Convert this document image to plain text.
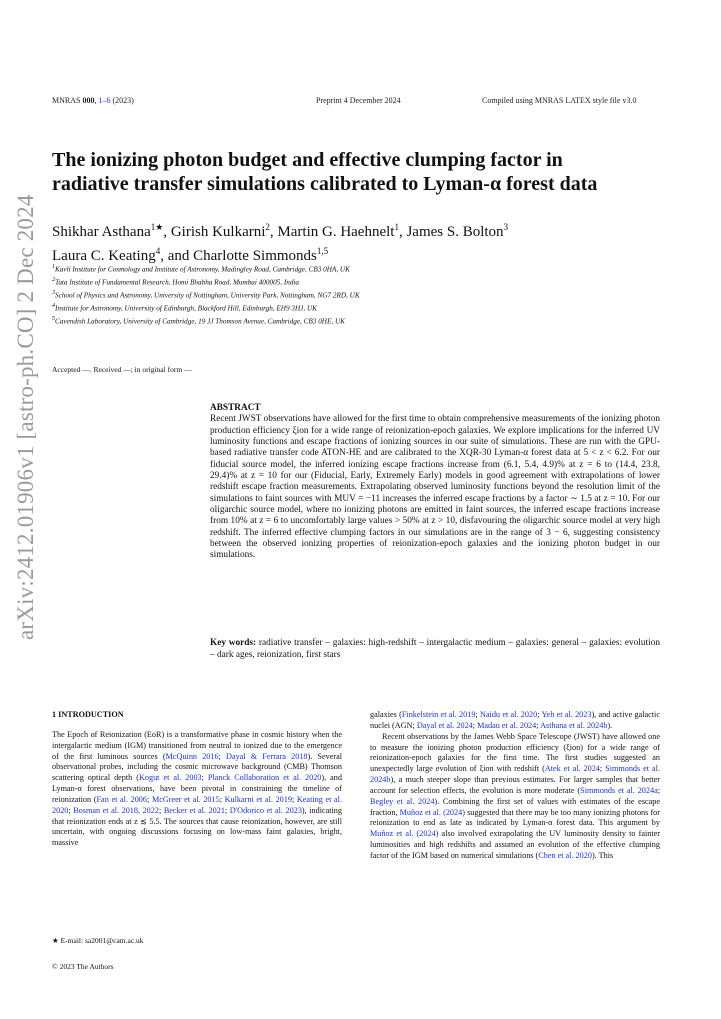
MNRAS 000, 1–6 (2023)	Preprint 4 December 2024	Compiled using MNRAS LATEX style file v3.0
arXiv:2412.01906v1 [astro-ph.CO] 2 Dec 2024
The ionizing photon budget and effective clumping factor in
radiative transfer simulations calibrated to Lyman-α forest data
Shikhar Asthana$^{1★}$, Girish Kulkarni$^2$, Martin G. Haehnelt$^1$, James S. Bolton$^3$
Laura C. Keating$^4$, and Charlotte Simmonds$^{1,5}$
$^1$Kavli Institute for Cosmology and Institute of Astronomy, Madingley Road, Cambridge, CB3 0HA, UK
$^2$Tata Institute of Fundamental Research, Homi Bhabha Road, Mumbai 400005, India
$^3$School of Physics and Astronomy, University of Nottingham, University Park, Nottingham, NG7 2RD, UK
$^4$Institute for Astronomy, University of Edinburgh, Blackford Hill, Edinburgh, EH9 3HJ, UK
$^5$Cavendish Laboratory, University of Cambridge, 19 JJ Thomson Avenue, Cambridge, CB3 0HE, UK
Accepted —. Received —; in original form —
ABSTRACT
Recent JWST observations have allowed for the first time to obtain comprehensive measurements of the ionizing photon production efficiency ξion for a wide range of reionization-epoch galaxies. We explore implications for the inferred UV luminosity functions and escape fractions of ionizing sources in our suite of simulations. These are run with the GPU-based radiative transfer code ATON-HE and are calibrated to the XQR-30 Lyman-α forest data at 5 < z < 6.2. For our fiducial source model, the inferred ionizing escape fractions increase from (6.1, 5.4, 4.9)% at z = 6 to (14.4, 23.8, 29.4)% at z = 10 for our (Fiducial, Early, Extremely Early) models in good agreement with extrapolations of lower redshift escape fraction measurements. Extrapolating observed luminosity functions beyond the resolution limit of the simulations to faint sources with MUV = −11 increases the inferred escape fractions by a factor ∼ 1.5 at z = 10. For our oligarchic source model, where no ionizing photons are emitted in faint sources, the inferred escape fractions increase from 10% at z = 6 to uncomfortably large values > 50% at z > 10, disfavouring the oligarchic source model at very high redshift. The inferred effective clumping factors in our simulations are in the range of 3 − 6, suggesting consistency between the observed ionizing properties of reionization-epoch galaxies and the ionizing photon budget in our simulations.
Key words: radiative transfer – galaxies: high-redshift – intergalactic medium – galaxies: general – galaxies: evolution – dark ages, reionization, first stars
1 INTRODUCTION

The Epoch of Reionization (EoR) is a transformative phase in cosmic history when the intergalactic medium (IGM) transitioned from neutral to ionized due to the emergence of the first luminous sources (McQuinn 2016; Dayal & Ferrara 2018). Several observational probes, including the cosmic microwave background (CMB) Thomson scattering optical depth (Kogut et al. 2003; Planck Collaboration et al. 2020), and Lyman-α forest observations, have been pivotal in constraining the timeline of reionization (Fan et al. 2006; McGreer et al. 2015; Kulkarni et al. 2019; Keating et al. 2020; Bosman et al. 2018, 2022; Becker et al. 2021; D'Odorico et al. 2023), indicating that reionization ends at z ≲ 5.5. The sources that cause reionization, however, are still uncertain, with ongoing discussions focusing on low-mass faint galaxies, bright, massive

galaxies (Finkelstein et al. 2019; Naidu et al. 2020; Yeh et al. 2023), and active galactic nuclei (AGN; Dayal et al. 2024; Madau et al. 2024; Asthana et al. 2024b).

Recent observations by the James Webb Space Telescope (JWST) have allowed one to measure the ionizing photon production efficiency (ξion) for a wide range of reionization-epoch galaxies for the first time. The first studies suggested an unexpectedly large evolution of ξion with redshift (Atek et al. 2024; Simmonds et al. 2024b), a much steeper slope than previous estimates. For larger samples that better account for selection effects, the evolution is more moderate (Simmonds et al. 2024a; Begley et al. 2024). Combining the first set of values with estimates of the escape fraction, Muñoz et al. (2024) suggested that there may be too many ionizing photons for reionization to end as late as indicated by Lyman-α forest data. This argument by Muñoz et al. (2024) also involved extrapolating the UV luminosity density to fainter luminosities and high redshifts and assumed an evolution of the effective clumping factor of the IGM based on numerical simulations (Chen et al. 2020). This

★ E-mail: sa2001@cam.ac.uk
© 2023 The Authors
